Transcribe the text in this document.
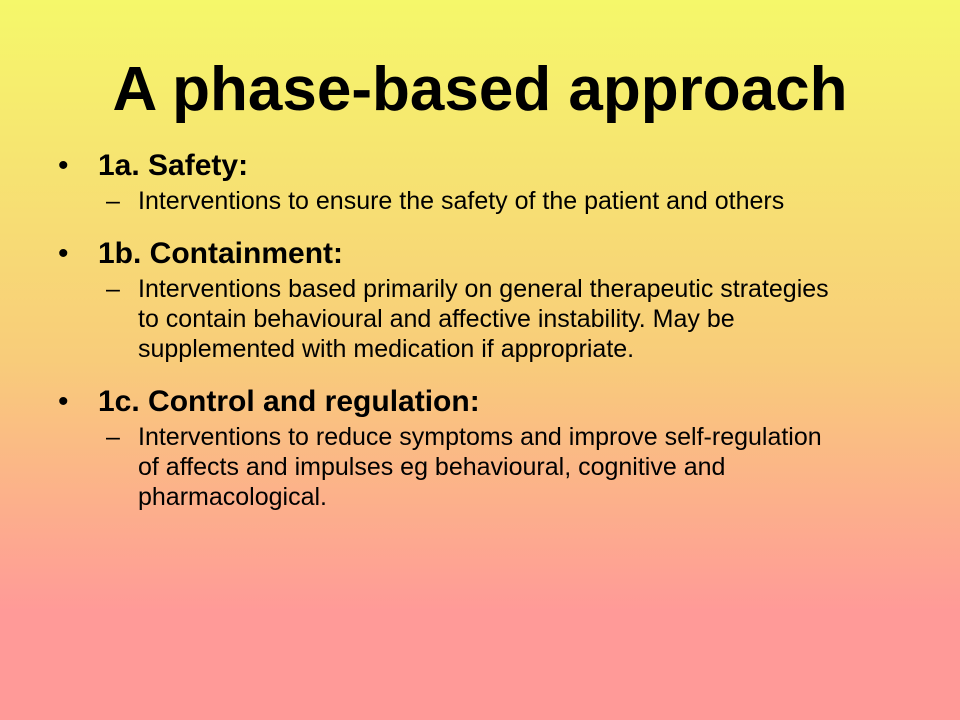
A phase-based approach
• 1a. Safety:
– Interventions to ensure the safety of the patient and others
• 1b. Containment:
– Interventions based primarily on general therapeutic strategies to contain behavioural and affective instability. May be supplemented with medication if appropriate.
• 1c. Control and regulation:
– Interventions to reduce symptoms and improve self-regulation of affects and impulses eg behavioural, cognitive and pharmacological.
